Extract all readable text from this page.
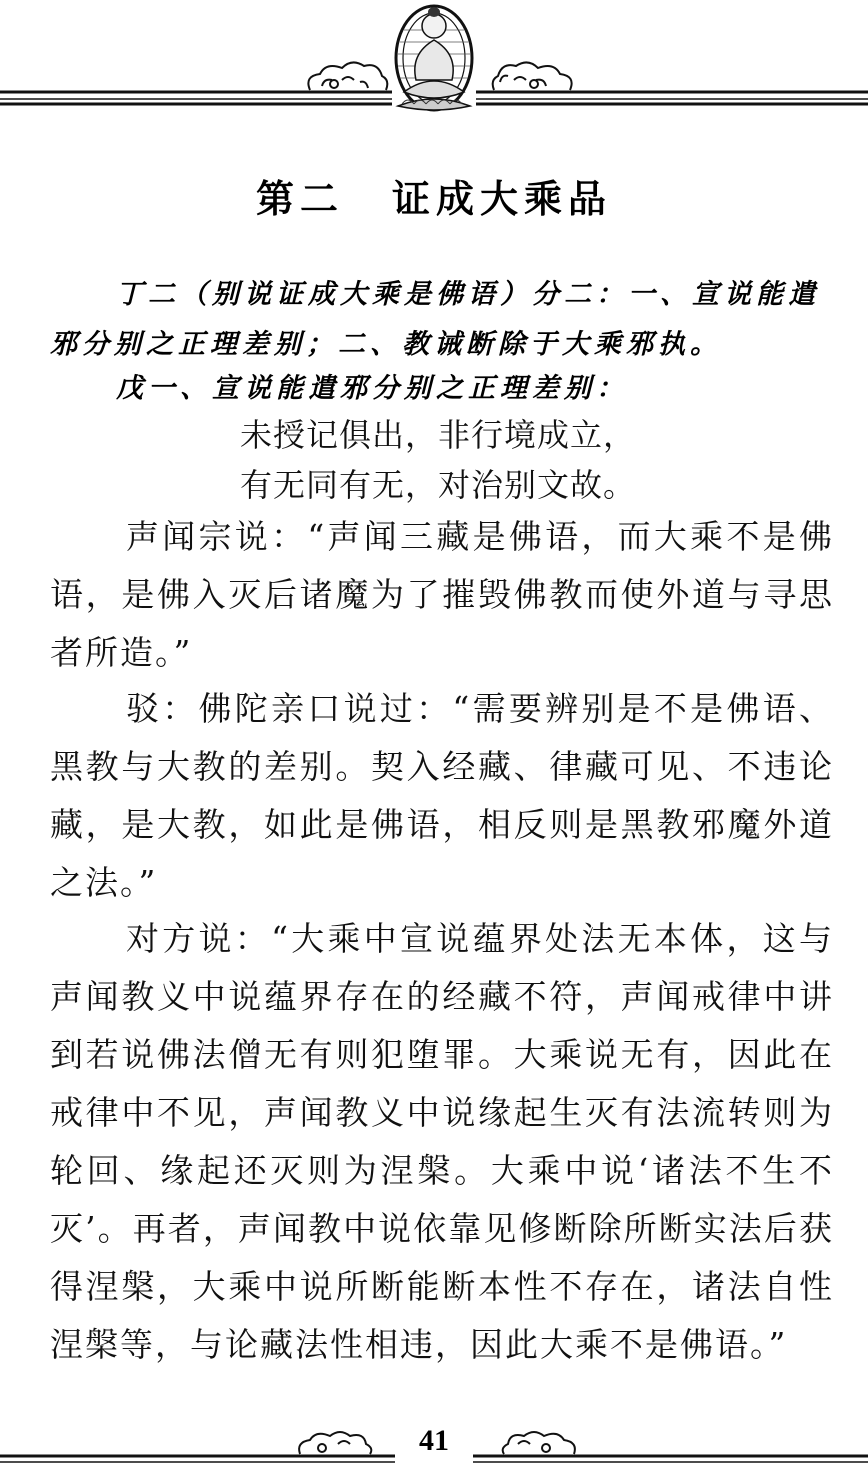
第二 证成大乘品
丁二（别说证成大乘是佛语）分二：一、宣说能遣邪分别之正理差别；二、教诫断除于大乘邪执。
戊一、宣说能遣邪分别之正理差别：
未授记俱出，非行境成立，
有无同有无，对治别文故。
声闻宗说：“声闻三藏是佛语，而大乘不是佛语，是佛入灭后诸魔为了摧毁佛教而使外道与寻思者所造。”
驳：佛陀亲口说过：“需要辨别是不是佛语、黑教与大教的差别。契入经藏、律藏可见、不违论藏，是大教，如此是佛语，相反则是黑教邪魔外道之法。”
对方说：“大乘中宣说蕴界处法无本体，这与声闻教义中说蕴界存在的经藏不符，声闻戒律中讲到若说佛法僧无有则犯堕罪。大乘说无有，因此在戒律中不见，声闻教义中说缘起生灭有法流转则为轮回、缘起还灭则为涅槃。大乘中说‘诸法不生不灭’。再者，声闻教中说依靠见修断除所断实法后获得涅槃，大乘中说所断能断本性不存在，诸法自性涅槃等，与论藏法性相违，因此大乘不是佛语。”
41
